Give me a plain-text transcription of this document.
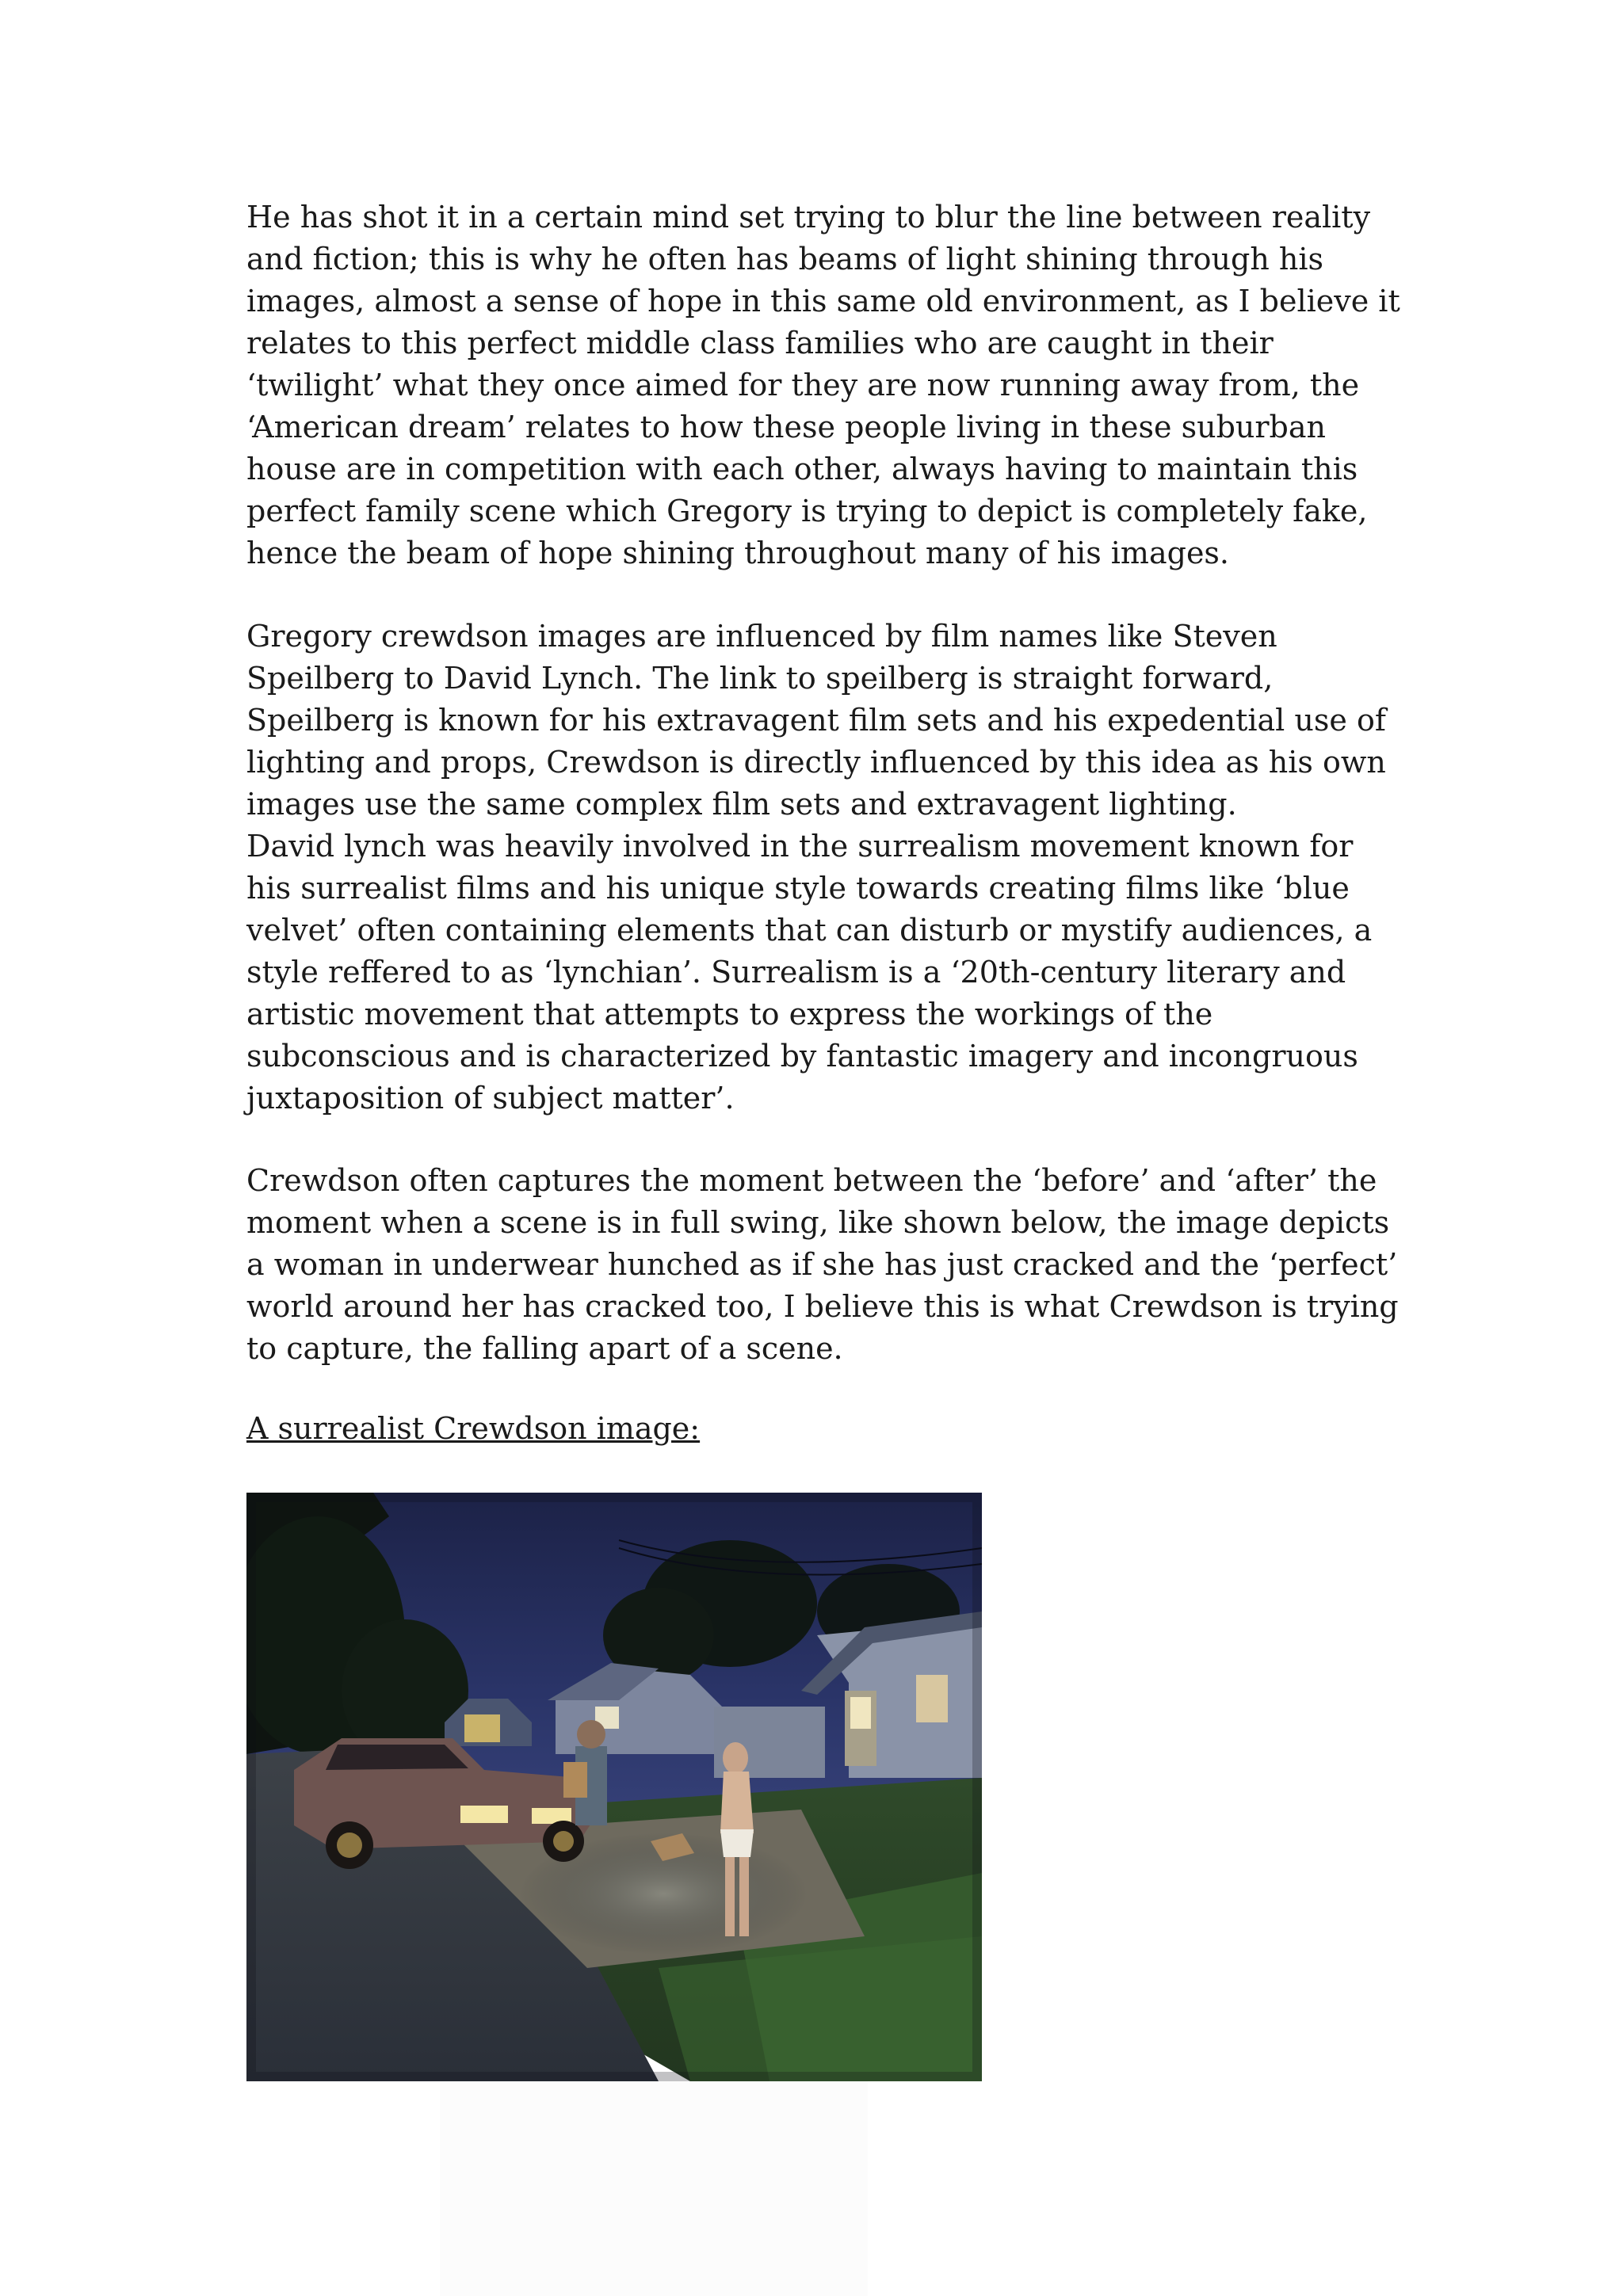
He has shot it in a certain mind set trying to blur the line between reality
and fiction; this is why he often has beams of light shining through his
images, almost a sense of hope in this same old environment, as I believe it
relates to this perfect middle class families who are caught in their
‘twilight’ what they once aimed for they are now running away from, the
‘American dream’ relates to how these people living in these suburban
house are in competition with each other, always having to maintain this
perfect family scene which Gregory is trying to depict is completely fake,
hence the beam of hope shining throughout many of his images.
Gregory crewdson images are influenced by film names like Steven
Speilberg to David Lynch. The link to speilberg is straight forward,
Speilberg is known for his extravagent film sets and his expedential use of
lighting and props, Crewdson is directly influenced by this idea as his own
images use the same complex film sets and extravagent lighting.
David lynch was heavily involved in the surrealism movement known for
his surrealist films and his unique style towards creating films like ‘blue
velvet’ often containing elements that can disturb or mystify audiences, a
style reffered to as ‘lynchian’. Surrealism is a ‘20th-century literary and
artistic movement that attempts to express the workings of the
subconscious and is characterized by fantastic imagery and incongruous
juxtaposition of subject matter’.
Crewdson often captures the moment between the ‘before’ and ‘after’ the
moment when a scene is in full swing, like shown below, the image depicts
a woman in underwear hunched as if she has just cracked and the ‘perfect’
world around her has cracked too, I believe this is what Crewdson is trying
to capture, the falling apart of a scene.
A surrealist Crewdson image:
